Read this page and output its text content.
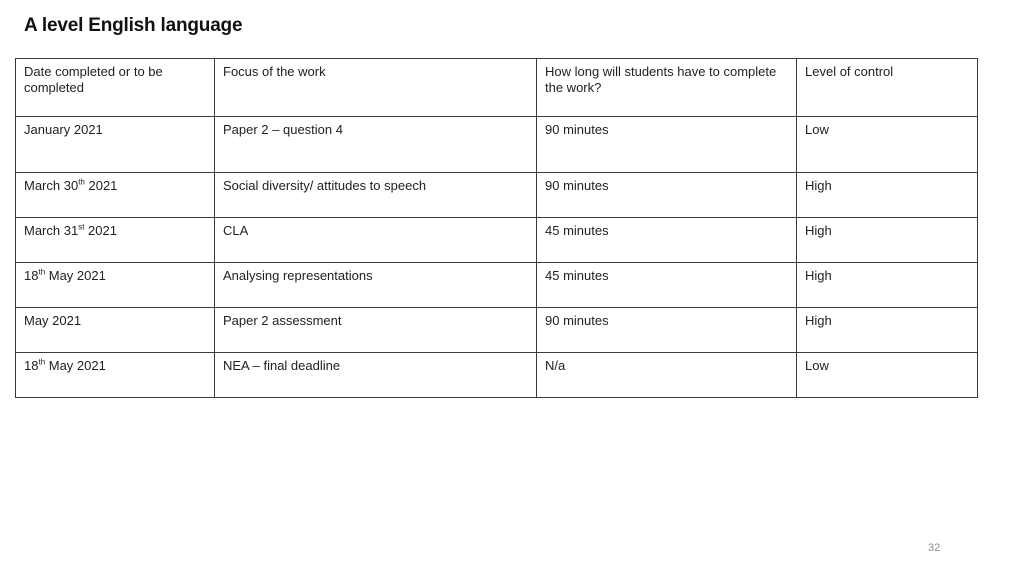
A level English language
Date completed or to be completed	Focus of the work	How long will students have to complete the work?	Level of control
January 2021	Paper 2 – question 4	90 minutes	Low
March 30th 2021	Social diversity/ attitudes to speech	90 minutes	High
March 31st 2021	CLA	45 minutes	High
18th May 2021	Analysing representations	45 minutes	High
May 2021	Paper 2 assessment	90 minutes	High
18th May 2021	NEA – final deadline	N/a	Low
32
